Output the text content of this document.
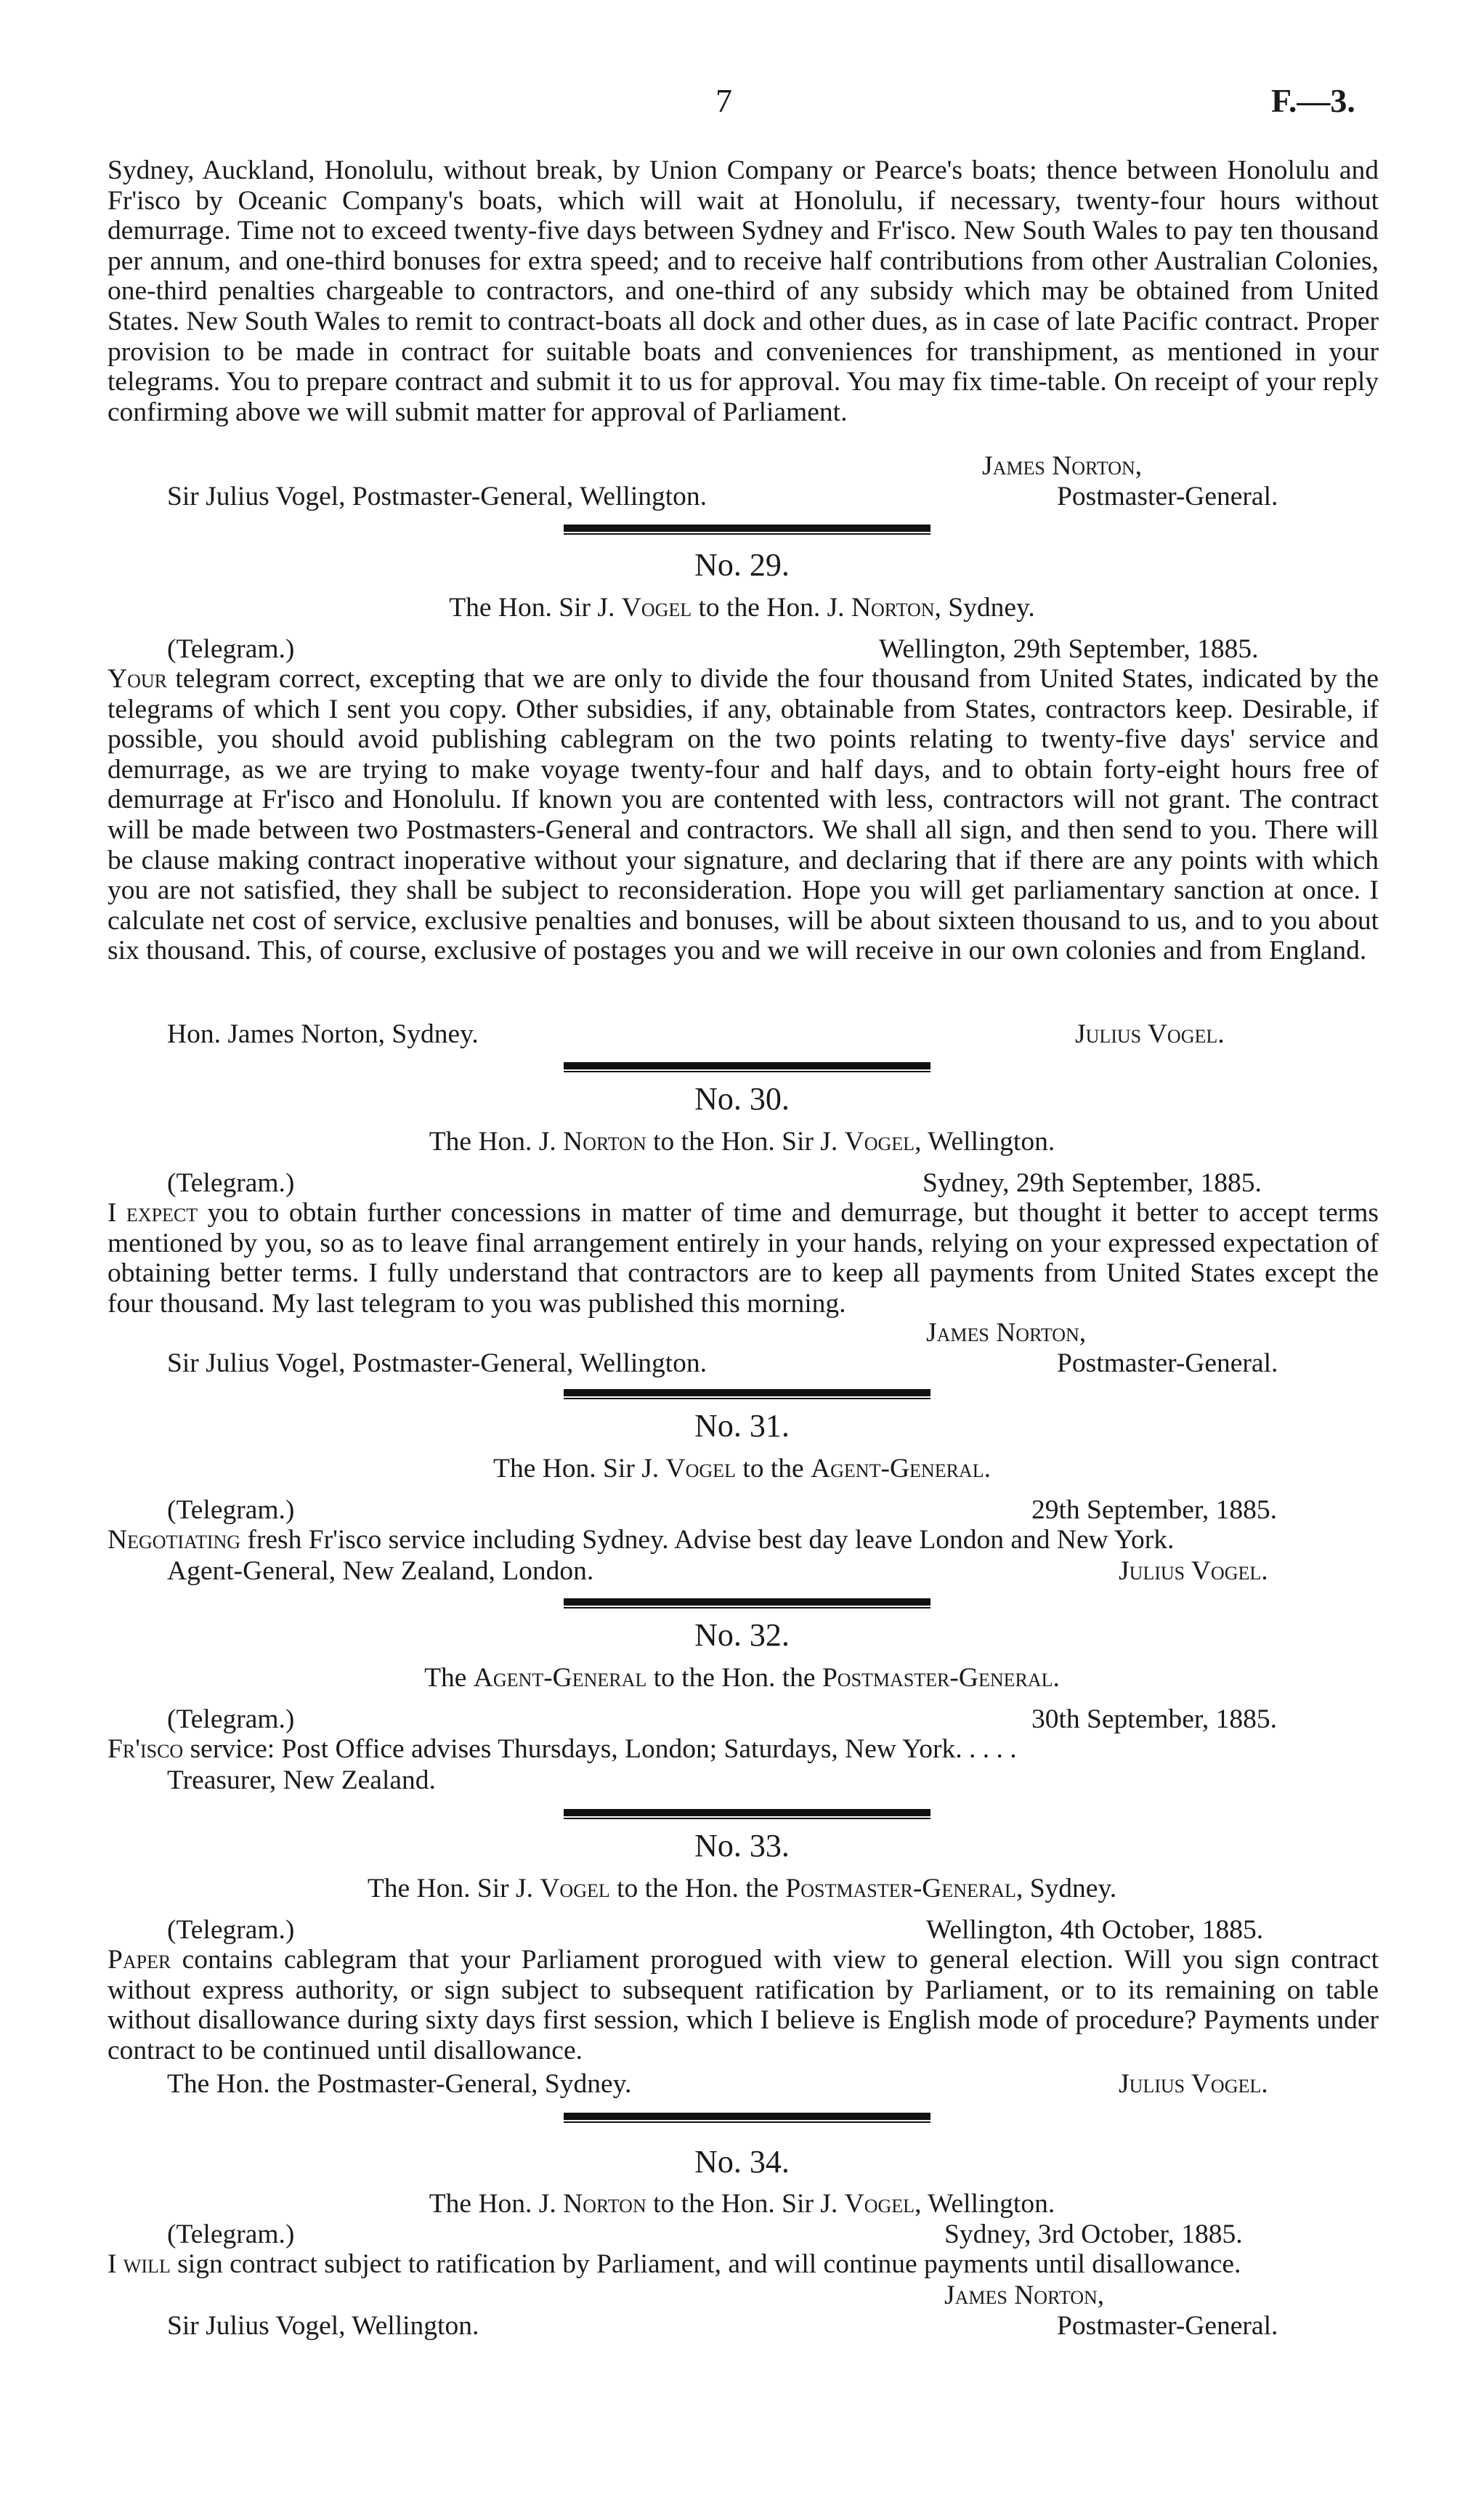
7	F.—3.

Sydney, Auckland, Honolulu, without break, by Union Company or Pearce's boats; thence between Honolulu and Fr'isco by Oceanic Company's boats, which will wait at Honolulu, if necessary, twenty-four hours without demurrage. Time not to exceed twenty-five days between Sydney and Fr'isco. New South Wales to pay ten thousand per annum, and one-third bonuses for extra speed; and to receive half contributions from other Australian Colonies, one-third penalties chargeable to contractors, and one-third of any subsidy which may be obtained from United States. New South Wales to remit to contract-boats all dock and other dues, as in case of late Pacific contract. Proper provision to be made in contract for suitable boats and conveniences for transhipment, as mentioned in your telegrams. You to prepare contract and submit it to us for approval. You may fix time-table. On receipt of your reply confirming above we will submit matter for approval of Parliament.

James Norton,
Sir Julius Vogel, Postmaster-General, Wellington.	Postmaster-General.
No. 29.
The Hon. Sir J. Vogel to the Hon. J. Norton, Sydney.
(Telegram.)	Wellington, 29th September, 1885.

Your telegram correct, excepting that we are only to divide the four thousand from United States, indicated by the telegrams of which I sent you copy. Other subsidies, if any, obtainable from States, contractors keep. Desirable, if possible, you should avoid publishing cablegram on the two points relating to twenty-five days' service and demurrage, as we are trying to make voyage twenty-four and half days, and to obtain forty-eight hours free of demurrage at Fr'isco and Honolulu. If known you are contented with less, contractors will not grant. The contract will be made between two Postmasters-General and contractors. We shall all sign, and then send to you. There will be clause making contract inoperative without your signature, and declaring that if there are any points with which you are not satisfied, they shall be subject to reconsideration. Hope you will get parliamentary sanction at once. I calculate net cost of service, exclusive penalties and bonuses, will be about sixteen thousand to us, and to you about six thousand. This, of course, exclusive of postages you and we will receive in our own colonies and from England.

Hon. James Norton, Sydney.	Julius Vogel.
No. 30.
The Hon. J. Norton to the Hon. Sir J. Vogel, Wellington.
(Telegram.)	Sydney, 29th September, 1885.

I expect you to obtain further concessions in matter of time and demurrage, but thought it better to accept terms mentioned by you, so as to leave final arrangement entirely in your hands, relying on your expressed expectation of obtaining better terms. I fully understand that contractors are to keep all payments from United States except the four thousand. My last telegram to you was published this morning.

James Norton,
Sir Julius Vogel, Postmaster-General, Wellington.	Postmaster-General.
No. 31.
The Hon. Sir J. Vogel to the Agent-General.
(Telegram.)	29th September, 1885.

Negotiating fresh Fr'isco service including Sydney. Advise best day leave London and New York.

Agent-General, New Zealand, London.	Julius Vogel.
No. 32.
The Agent-General to the Hon. the Postmaster-General.
(Telegram.)	30th September, 1885.

Fr'isco service: Post Office advises Thursdays, London; Saturdays, New York. . . . .

Treasurer, New Zealand.
No. 33.
The Hon. Sir J. Vogel to the Hon. the Postmaster-General, Sydney.
(Telegram.)	Wellington, 4th October, 1885.

Paper contains cablegram that your Parliament prorogued with view to general election. Will you sign contract without express authority, or sign subject to subsequent ratification by Parliament, or to its remaining on table without disallowance during sixty days first session, which I believe is English mode of procedure? Payments under contract to be continued until disallowance.

The Hon. the Postmaster-General, Sydney.	Julius Vogel.
No. 34.
The Hon. J. Norton to the Hon. Sir J. Vogel, Wellington.
(Telegram.)	Sydney, 3rd October, 1885.

I will sign contract subject to ratification by Parliament, and will continue payments until disallowance.

James Norton,
Sir Julius Vogel, Wellington.	Postmaster-General.
